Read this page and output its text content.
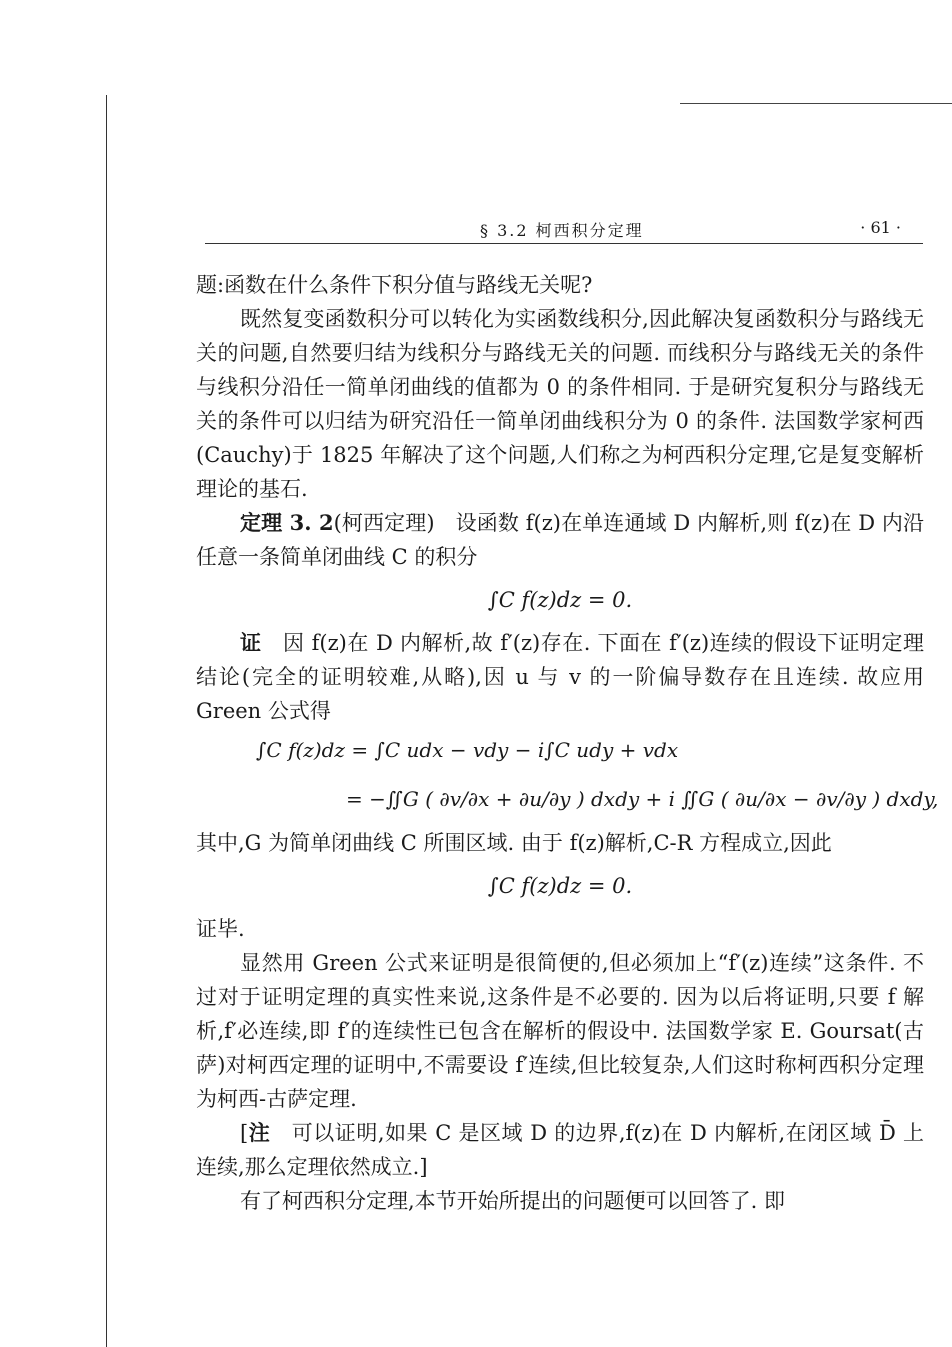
§ 3.2 柯西积分定理	· 61 ·

题:函数在什么条件下积分值与路线无关呢?

既然复变函数积分可以转化为实函数线积分,因此解决复函数积分与路线无关的问题,自然要归结为线积分与路线无关的问题. 而线积分与路线无关的条件与线积分沿任一简单闭曲线的值都为 0 的条件相同. 于是研究复积分与路线无关的条件可以归结为研究沿任一简单闭曲线积分为 0 的条件. 法国数学家柯西(Cauchy)于 1825 年解决了这个问题,人们称之为柯西积分定理,它是复变解析理论的基石.

定理 3. 2(柯西定理)  设函数 f(z)在单连通域 D 内解析,则 f(z)在 D 内沿任意一条简单闭曲线 C 的积分

∫C f(z)dz = 0.

证  因 f(z)在 D 内解析,故 f′(z)存在. 下面在 f′(z)连续的假设下证明定理结论(完全的证明较难,从略),因 u 与 v 的一阶偏导数存在且连续. 故应用 Green 公式得

∫C f(z)dz = ∫C udx − vdy − i∫C udy + vdx
= −∬G ( ∂v/∂x + ∂u/∂y ) dxdy + i ∬G ( ∂u/∂x − ∂v/∂y ) dxdy,

其中,G 为简单闭曲线 C 所围区域. 由于 f(z)解析,C-R 方程成立,因此

∫C f(z)dz = 0.

证毕.

显然用 Green 公式来证明是很简便的,但必须加上“f′(z)连续”这条件. 不过对于证明定理的真实性来说,这条件是不必要的. 因为以后将证明,只要 f 解析,f′必连续,即 f′的连续性已包含在解析的假设中. 法国数学家 E. Goursat(古萨)对柯西定理的证明中,不需要设 f′连续,但比较复杂,人们这时称柯西积分定理为柯西-古萨定理.

[注  可以证明,如果 C 是区域 D 的边界,f(z)在 D 内解析,在闭区域 D̄ 上连续,那么定理依然成立.]

有了柯西积分定理,本节开始所提出的问题便可以回答了. 即
